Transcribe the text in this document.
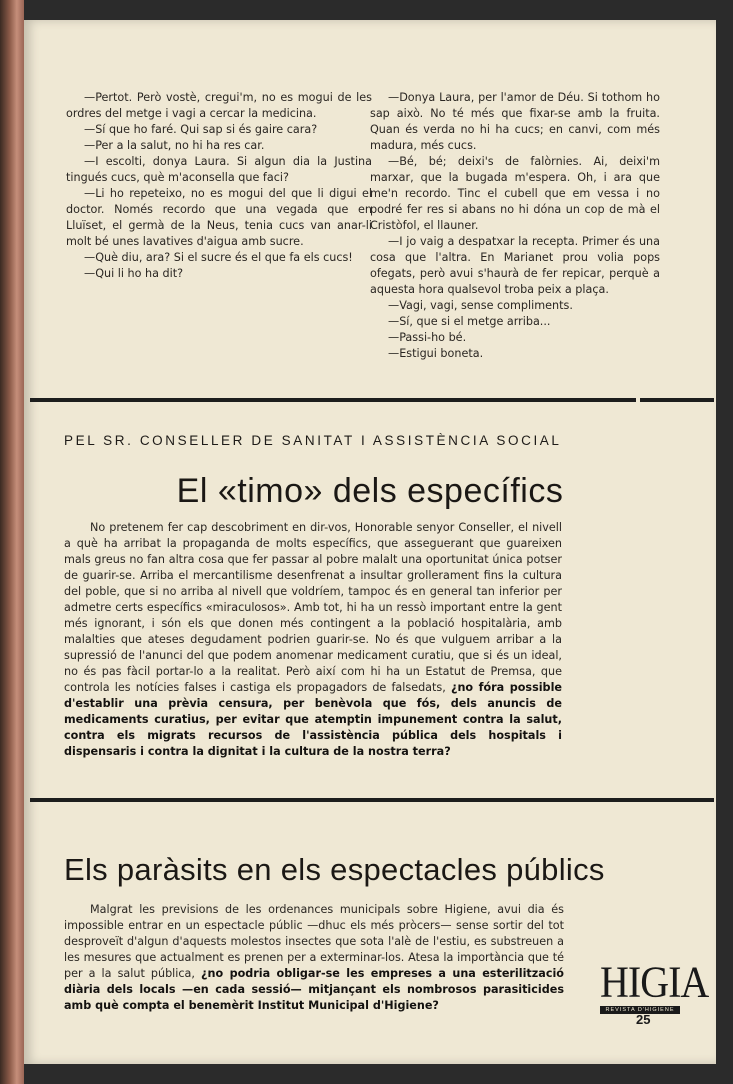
—Pertot. Però vostè, cregui'm, no es mogui de les ordres del metge i vagi a cercar la medicina.

—Sí que ho faré. Qui sap si és gaire cara?

—Per a la salut, no hi ha res car.

—I escolti, donya Laura. Si algun dia la Justina tingués cucs, què m'aconsella que faci?

—Li ho repeteixo, no es mogui del que li digui el doctor. Només recordo que una vegada que en Lluïset, el germà de la Neus, tenia cucs van anar-li molt bé unes lavatives d'aigua amb sucre.

—Què diu, ara? Si el sucre és el que fa els cucs!

—Qui li ho ha dit?

—Donya Laura, per l'amor de Déu. Si tothom ho sap això. No té més que fixar-se amb la fruita. Quan és verda no hi ha cucs; en canvi, com més madura, més cucs.

—Bé, bé; deixi's de falòrnies. Ai, deixi'm marxar, que la bugada m'espera. Oh, i ara que me'n recordo. Tinc el cubell que em vessa i no podré fer res si abans no hi dóna un cop de mà el Cristòfol, el llauner.

—I jo vaig a despatxar la recepta. Primer és una cosa que l'altra. En Marianet prou volia pops ofegats, però avui s'haurà de fer repicar, perquè a aquesta hora qualsevol troba peix a plaça.

—Vagi, vagi, sense compliments.

—Sí, que si el metge arriba...

—Passi-ho bé.

—Estigui boneta.

PEL SR. CONSELLER DE SANITAT I ASSISTÈNCIA SOCIAL
El «timo» dels específics

No pretenem fer cap descobriment en dir-vos, Honorable senyor Conseller, el nivell a què ha arribat la propaganda de molts específics, que asseguerant que guareixen mals greus no fan altra cosa que fer passar al pobre malalt una oportunitat única potser de guarir-se. Arriba el mercantilisme desenfrenat a insultar grollerament fins la cultura del poble, que si no arriba al nivell que voldríem, tampoc és en general tan inferior per admetre certs específics «miraculosos». Amb tot, hi ha un ressò important entre la gent més ignorant, i són els que donen més contingent a la població hospitalària, amb malalties que ateses degudament podrien guarir-se. No és que vulguem arribar a la supressió de l'anunci del que podem anomenar medicament curatiu, que si és un ideal, no és pas fàcil portar-lo a la realitat. Però així com hi ha un Estatut de Premsa, que controla les notícies falses i castiga els propagadors de falsedats, ¿no fóra possible d'establir una prèvia censura, per benèvola que fós, dels anuncis de medicaments curatius, per evitar que atemptin impunement contra la salut, contra els migrats recursos de l'assistència pública dels hospitals i dispensaris i contra la dignitat i la cultura de la nostra terra?

Els paràsits en els espectacles públics

Malgrat les previsions de les ordenances municipals sobre Higiene, avui dia és impossible entrar en un espectacle públic —dhuc els més pròcers— sense sortir del tot desproveït d'algun d'aquests molestos insectes que sota l'alè de l'estiu, es substreuen a les mesures que actualment es prenen per a exterminar-los. Atesa la importància que té per a la salut pública, ¿no podria obligar-se les empreses a una esterilització diària dels locals —en cada sessió— mitjançant els nombrosos parasiticides amb què compta el benemèrit Institut Municipal d'Higiene?	HIGIA
REVISTA D'HIGIENE
25
